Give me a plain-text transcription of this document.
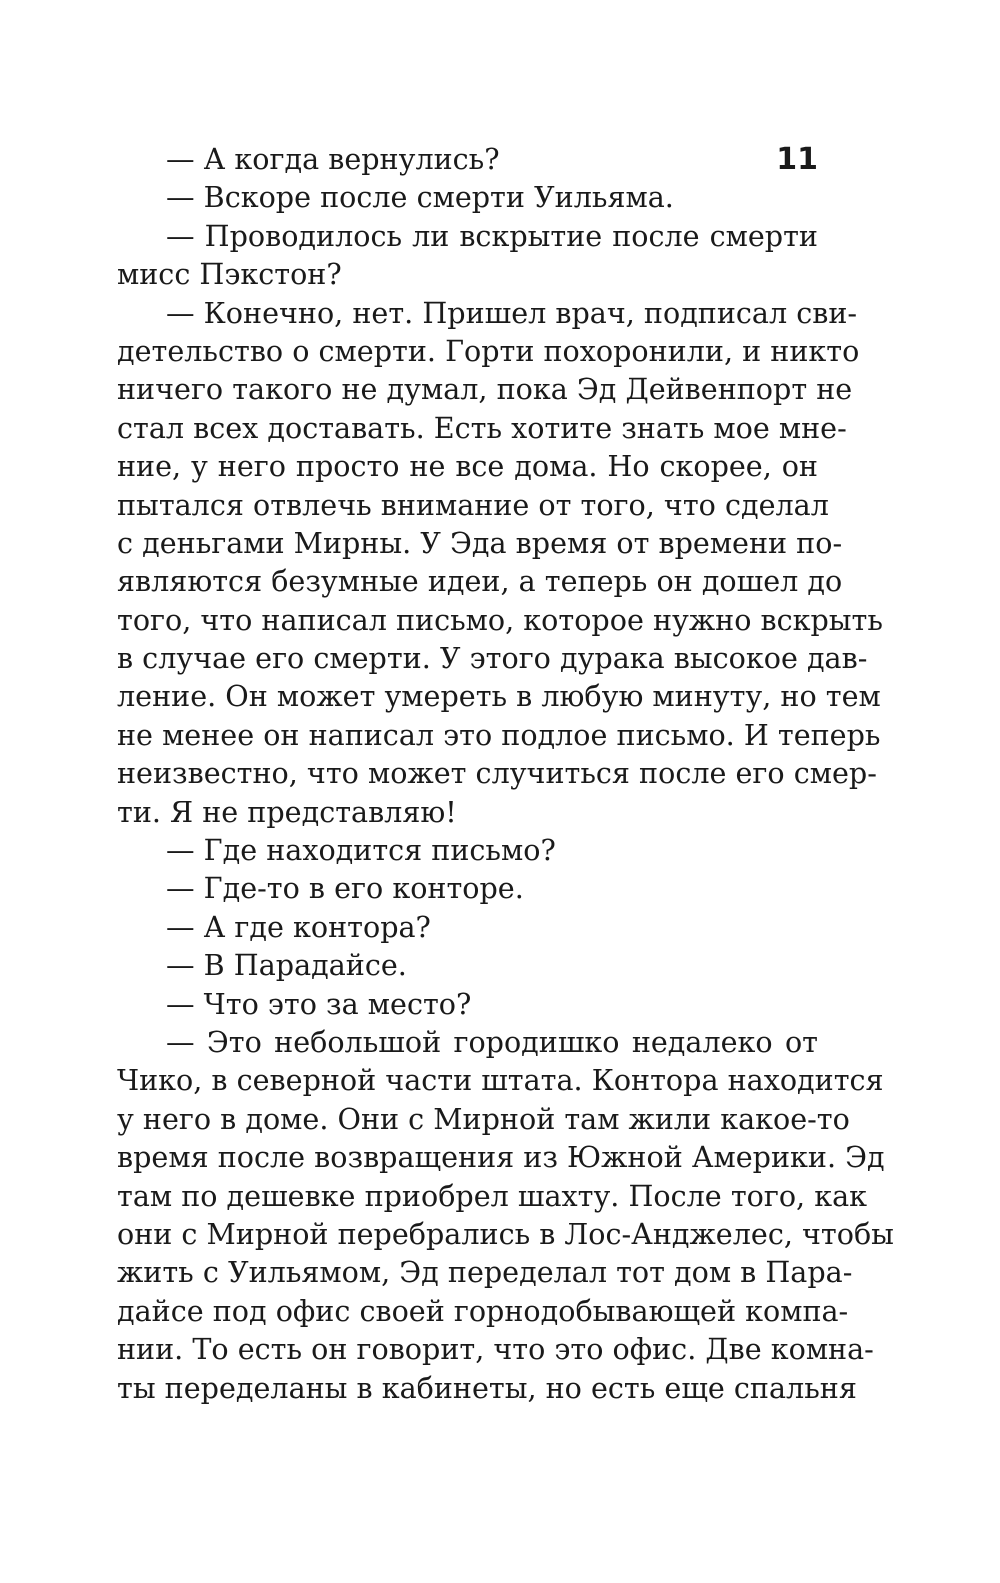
11
— А когда вернулись?
— Вскоре после смерти Уильяма.
— Проводилось ли вскрытие после смерти
мисс Пэкстон?
— Конечно, нет. Пришел врач, подписал сви-
детельство о смерти. Горти похоронили, и никто
ничего такого не думал, пока Эд Дейвенпорт не
стал всех доставать. Есть хотите знать мое мне-
ние, у него просто не все дома. Но скорее, он
пытался отвлечь внимание от того, что сделал
с деньгами Мирны. У Эда время от времени по-
являются безумные идеи, а теперь он дошел до
того, что написал письмо, которое нужно вскрыть
в случае его смерти. У этого дурака высокое дав-
ление. Он может умереть в любую минуту, но тем
не менее он написал это подлое письмо. И теперь
неизвестно, что может случиться после его смер-
ти. Я не представляю!
— Где находится письмо?
— Где-то в его конторе.
— А где контора?
— В Парадайсе.
— Что это за место?
— Это небольшой городишко недалеко от
Чико, в северной части штата. Контора находится
у него в доме. Они с Мирной там жили какое-то
время после возвращения из Южной Америки. Эд
там по дешевке приобрел шахту. После того, как
они с Мирной перебрались в Лос-Анджелес, чтобы
жить с Уильямом, Эд переделал тот дом в Пара-
дайсе под офис своей горнодобывающей компа-
нии. То есть он говорит, что это офис. Две комна-
ты переделаны в кабинеты, но есть еще спальня
